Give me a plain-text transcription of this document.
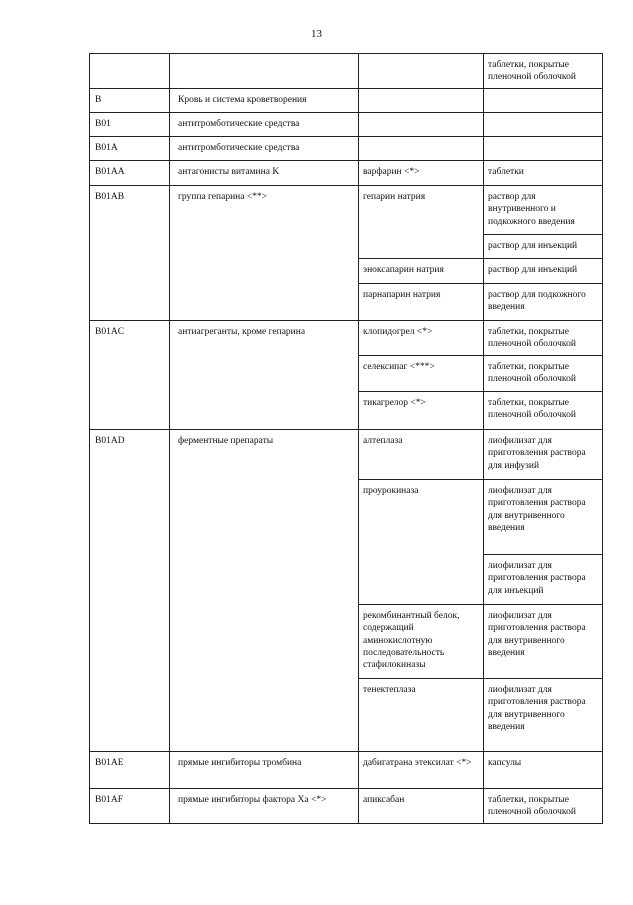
13
			таблетки, покрытые пленочной оболочкой
B	Кровь и система кроветворения		
B01	антитромботические средства		
B01A	антитромботические средства		
B01AA	антагонисты витамина K	варфарин <*>	таблетки
B01AB	группа гепарина <**>	гепарин натрия	раствор для внутривенного и подкожного введения
			раствор для инъекций
		эноксапарин натрия	раствор для инъекций
		парнапарин натрия	раствор для подкожного введения
B01AC	антиагреганты, кроме гепарина	клопидогрел <*>	таблетки, покрытые пленочной оболочкой
		селексипаг <***>	таблетки, покрытые пленочной оболочкой
		тикагрелор <*>	таблетки, покрытые пленочной оболочкой
B01AD	ферментные препараты	алтеплаза	лиофилизат для приготовления раствора для инфузий
		проурокиназа	лиофилизат для приготовления раствора для внутривенного введения
			лиофилизат для приготовления раствора для инъекций
		рекомбинантный белок, содержащий аминокислотную последовательность стафилокиназы	лиофилизат для приготовления раствора для внутривенного введения
		тенектеплаза	лиофилизат для приготовления раствора для внутривенного введения
B01AE	прямые ингибиторы тромбина	дабигатрана этексилат <*>	капсулы
B01AF	прямые ингибиторы фактора Xa <*>	апиксабан	таблетки, покрытые пленочной оболочкой
